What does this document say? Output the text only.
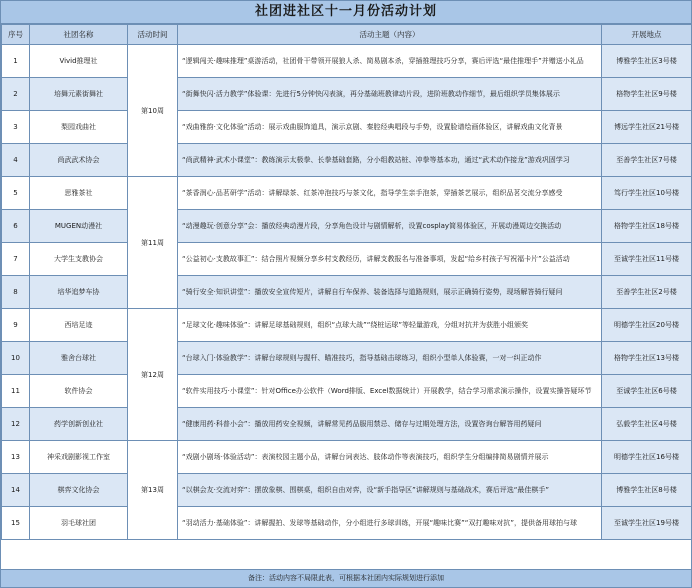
社团进社区十一月份活动计划
序号	社团名称	活动时间	活动主题（内容）	开展地点
1	Vivid推理社	第10周	“逻辑闯关·趣味推理”桌游活动，社团骨干带领开展狼人杀、简易剧本杀，穿插推理技巧分享，赛后评选“最佳推理手”并赠送小礼品	博雅学生社区3号楼
2	培舞元素街舞社		“街舞快闪·活力教学”体验课：先进行5分钟快闪表演，再分基础班教律动片段，进阶班教动作细节，最后组织学员集体展示	格物学生社区9号楼
3	梨园戏曲社		“戏曲雅韵·文化体验”活动：展示戏曲服饰道具，演示京剧、秦腔经典唱段与手势，设置脸谱绘画体验区，讲解戏曲文化背景	博远学生社区21号楼
4	尚武武术协会		“尚武精神·武术小课堂”：教练演示太极拳、长拳基础套路，分小组教站桩、冲拳等基本功，通过“武术动作接龙”游戏巩固学习	至善学生社区7号楼
5	思雅茶社	第11周	“茶香润心·品茗研学”活动：讲解绿茶、红茶冲泡技巧与茶文化，指导学生亲手泡茶，穿插茶艺展示，组织品茗交流分享感受	笃行学生社区10号楼
6	MUGEN动漫社		“动漫趣玩·创意分享”会：播放经典动漫片段，分享角色设计与剧情解析，设置cosplay简易体验区，开展动漫周边交换活动	格物学生社区18号楼
7	大学生支教协会		“公益初心·支教故事汇”：结合照片视频分享乡村支教经历，讲解支教报名与准备事项，发起“给乡村孩子写祝福卡片”公益活动	至诚学生社区11号楼
8	培华追梦车协		“骑行安全·知识讲堂”：播放安全宣传短片，讲解自行车保养、装备选择与道路规则，展示正确骑行姿势，现场解答骑行疑问	至善学生社区2号楼
9	西培足迹	第12周	“足球文化·趣味体验”：讲解足球基础规则，组织“点球大战”“绕桩运球”等轻量游戏，分组对抗并为获胜小组颁奖	明德学生社区20号楼
10	雅舍台球社		“台球入门·体验教学”：讲解台球规则与握杆、瞄准技巧，指导基础击球练习，组织小型单人体验赛，一对一纠正动作	格物学生社区13号楼
11	软件协会		“软件实用技巧·小课堂”：针对Office办公软件（Word排版、Excel数据统计）开展教学，结合学习需求演示操作，设置实操答疑环节	至诚学生社区6号楼
12	药学创新创业社		“健康用药·科普小会”：播放用药安全视频，讲解常见药品服用禁忌、储存与过期处理方法，设置咨询台解答用药疑问	弘毅学生社区4号楼
13	神采戏剧影视工作室	第13周	“戏剧小剧场·体验活动”：表演校园主题小品，讲解台词表达、肢体动作等表演技巧，组织学生分组编排简易剧情并展示	明德学生社区16号楼
14	棋弈文化协会		“以棋会友·交流对弈”：摆放象棋、围棋桌，组织自由对弈，设“新手指导区”讲解规则与基础战术，赛后评选“最佳棋手”	博雅学生社区8号楼
15	羽毛球社团		“羽动活力·基础体验”：讲解握拍、发球等基础动作，分小组进行多球训练，开展“趣味比赛”“双打趣味对抗”，提供备用球拍与球	至诚学生社区19号楼
备注：活动内容不局限此表，可根据本社团内实际规划进行添加
